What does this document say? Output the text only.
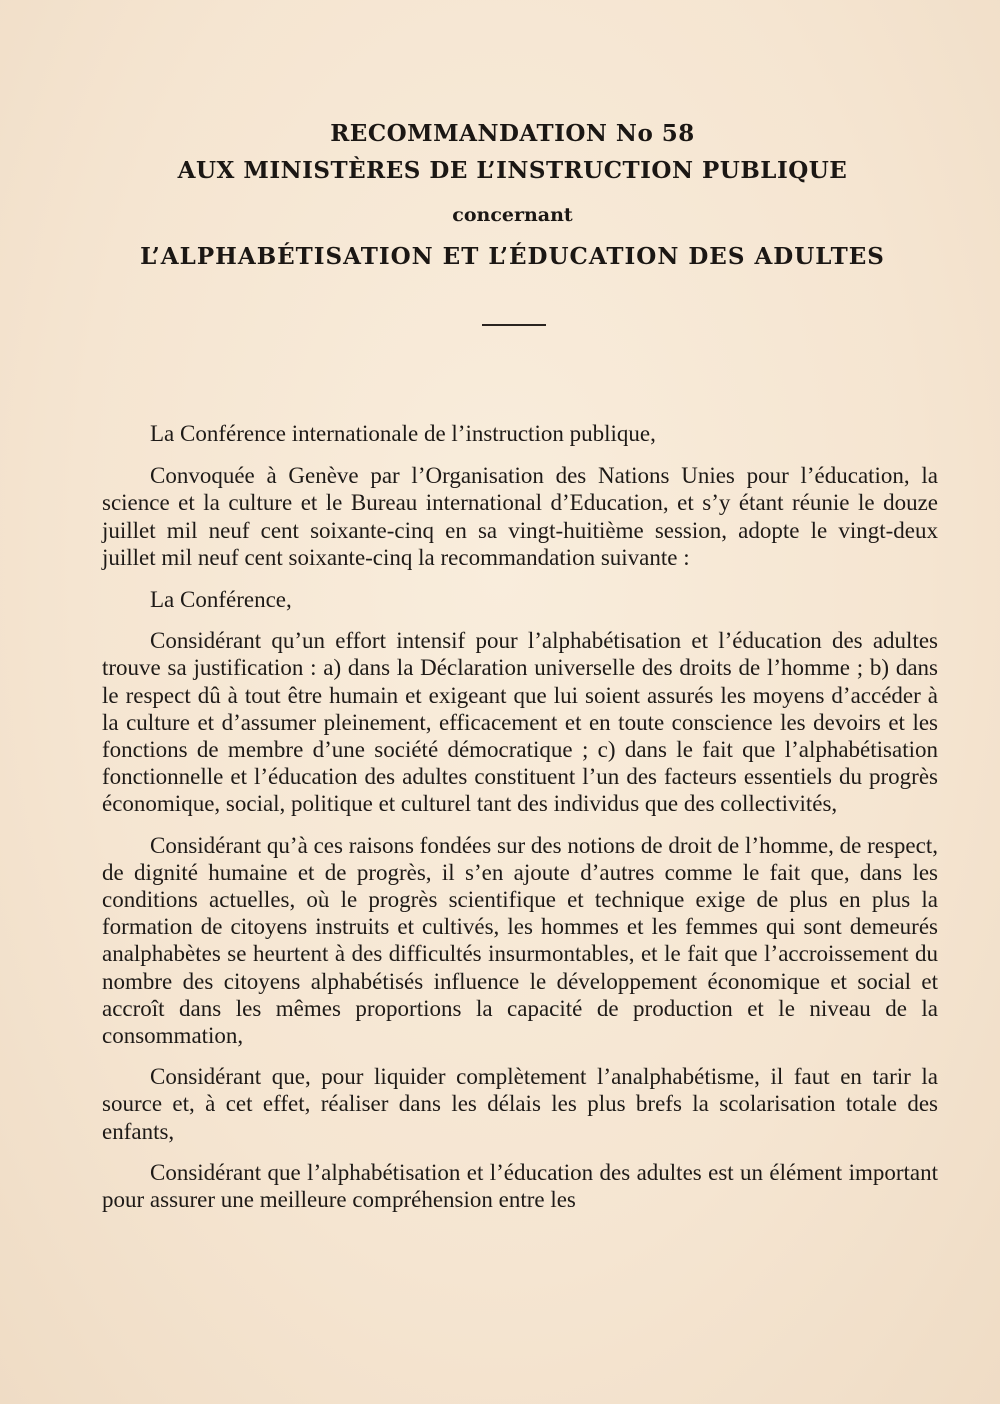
RECOMMANDATION No 58
AUX MINISTÈRES DE L’INSTRUCTION PUBLIQUE
concernant
L’ALPHABÉTISATION ET L’ÉDUCATION DES ADULTES

La Conférence internationale de l’instruction publique,

Convoquée à Genève par l’Organisation des Nations Unies pour l’éducation, la science et la culture et le Bureau international d’Education, et s’y étant réunie le douze juillet mil neuf cent soixante-cinq en sa vingt-huitième session, adopte le vingt-deux juillet mil neuf cent soixante-cinq la recommandation suivante :

La Conférence,

Considérant qu’un effort intensif pour l’alphabétisation et l’éducation des adultes trouve sa justification : a) dans la Déclaration universelle des droits de l’homme ; b) dans le respect dû à tout être humain et exigeant que lui soient assurés les moyens d’accéder à la culture et d’assumer pleinement, efficacement et en toute conscience les devoirs et les fonctions de membre d’une société démocratique ; c) dans le fait que l’alphabétisation fonctionnelle et l’éducation des adultes constituent l’un des facteurs essentiels du progrès économique, social, politique et culturel tant des individus que des collectivités,

Considérant qu’à ces raisons fondées sur des notions de droit de l’homme, de respect, de dignité humaine et de progrès, il s’en ajoute d’autres comme le fait que, dans les conditions actuelles, où le progrès scientifique et technique exige de plus en plus la formation de citoyens instruits et cultivés, les hommes et les femmes qui sont demeurés analphabètes se heurtent à des difficultés insurmontables, et le fait que l’accroissement du nombre des citoyens alphabétisés influence le développement économique et social et accroît dans les mêmes proportions la capacité de production et le niveau de la consommation,

Considérant que, pour liquider complètement l’analphabétisme, il faut en tarir la source et, à cet effet, réaliser dans les délais les plus brefs la scolarisation totale des enfants,

Considérant que l’alphabétisation et l’éducation des adultes est un élément important pour assurer une meilleure compréhension entre les
